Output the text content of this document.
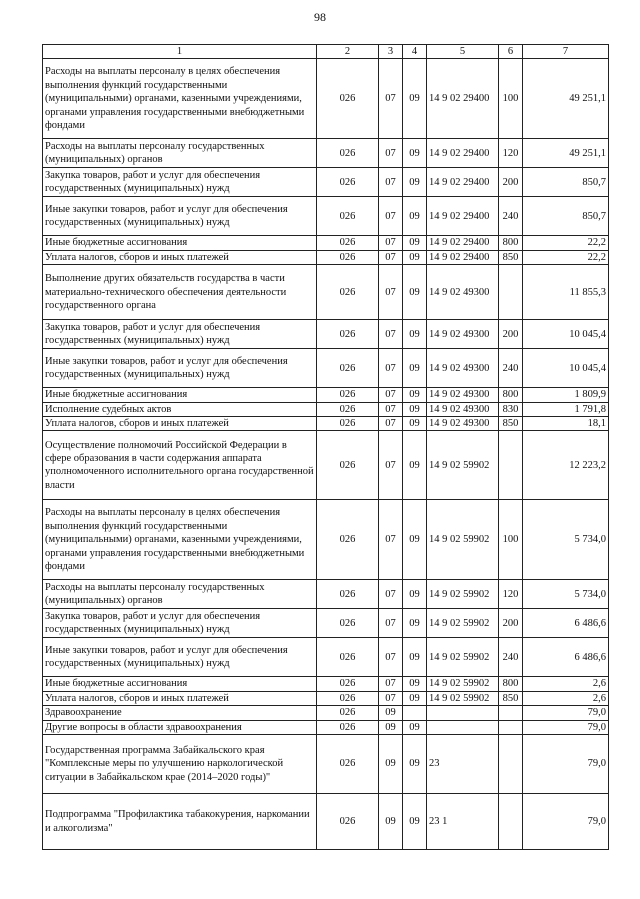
98
1	2	3	4	5	6	7
Расходы на выплаты персоналу в целях обеспечения выполнения функций государственными (муниципальными) органами, казенными учреждениями, органами управления государственными внебюджетными фондами	026	07	09	14 9 02 29400	100	49 251,1
Расходы на выплаты персоналу государственных (муниципальных) органов	026	07	09	14 9 02 29400	120	49 251,1
Закупка товаров, работ и услуг для обеспечения государственных (муниципальных) нужд	026	07	09	14 9 02 29400	200	850,7
Иные закупки товаров, работ и услуг для обеспечения государственных (муниципальных) нужд	026	07	09	14 9 02 29400	240	850,7
Иные бюджетные ассигнования	026	07	09	14 9 02 29400	800	22,2
Уплата налогов, сборов и иных платежей	026	07	09	14 9 02 29400	850	22,2
Выполнение других обязательств государства в части материально-технического обеспечения деятельности государственного органа	026	07	09	14 9 02 49300		11 855,3
Закупка товаров, работ и услуг для обеспечения государственных (муниципальных) нужд	026	07	09	14 9 02 49300	200	10 045,4
Иные закупки товаров, работ и услуг для обеспечения государственных (муниципальных) нужд	026	07	09	14 9 02 49300	240	10 045,4
Иные бюджетные ассигнования	026	07	09	14 9 02 49300	800	1 809,9
Исполнение судебных актов	026	07	09	14 9 02 49300	830	1 791,8
Уплата налогов, сборов и иных платежей	026	07	09	14 9 02 49300	850	18,1
Осуществление полномочий Российской Федерации в сфере образования в части содержания аппарата уполномоченного исполнительного органа государственной власти	026	07	09	14 9 02 59902		12 223,2
Расходы на выплаты персоналу в целях обеспечения выполнения функций государственными (муниципальными) органами, казенными учреждениями, органами управления государственными внебюджетными фондами	026	07	09	14 9 02 59902	100	5 734,0
Расходы на выплаты персоналу государственных (муниципальных) органов	026	07	09	14 9 02 59902	120	5 734,0
Закупка товаров, работ и услуг для обеспечения государственных (муниципальных) нужд	026	07	09	14 9 02 59902	200	6 486,6
Иные закупки товаров, работ и услуг для обеспечения государственных (муниципальных) нужд	026	07	09	14 9 02 59902	240	6 486,6
Иные бюджетные ассигнования	026	07	09	14 9 02 59902	800	2,6
Уплата налогов, сборов и иных платежей	026	07	09	14 9 02 59902	850	2,6
Здравоохранение	026	09				79,0
Другие вопросы в области здравоохранения	026	09	09			79,0
Государственная программа Забайкальского края "Комплексные меры по улучшению наркологической ситуации в Забайкальском крае (2014–2020 годы)"	026	09	09	23		79,0
Подпрограмма "Профилактика табакокурения, наркомании и алкоголизма"	026	09	09	23 1		79,0
